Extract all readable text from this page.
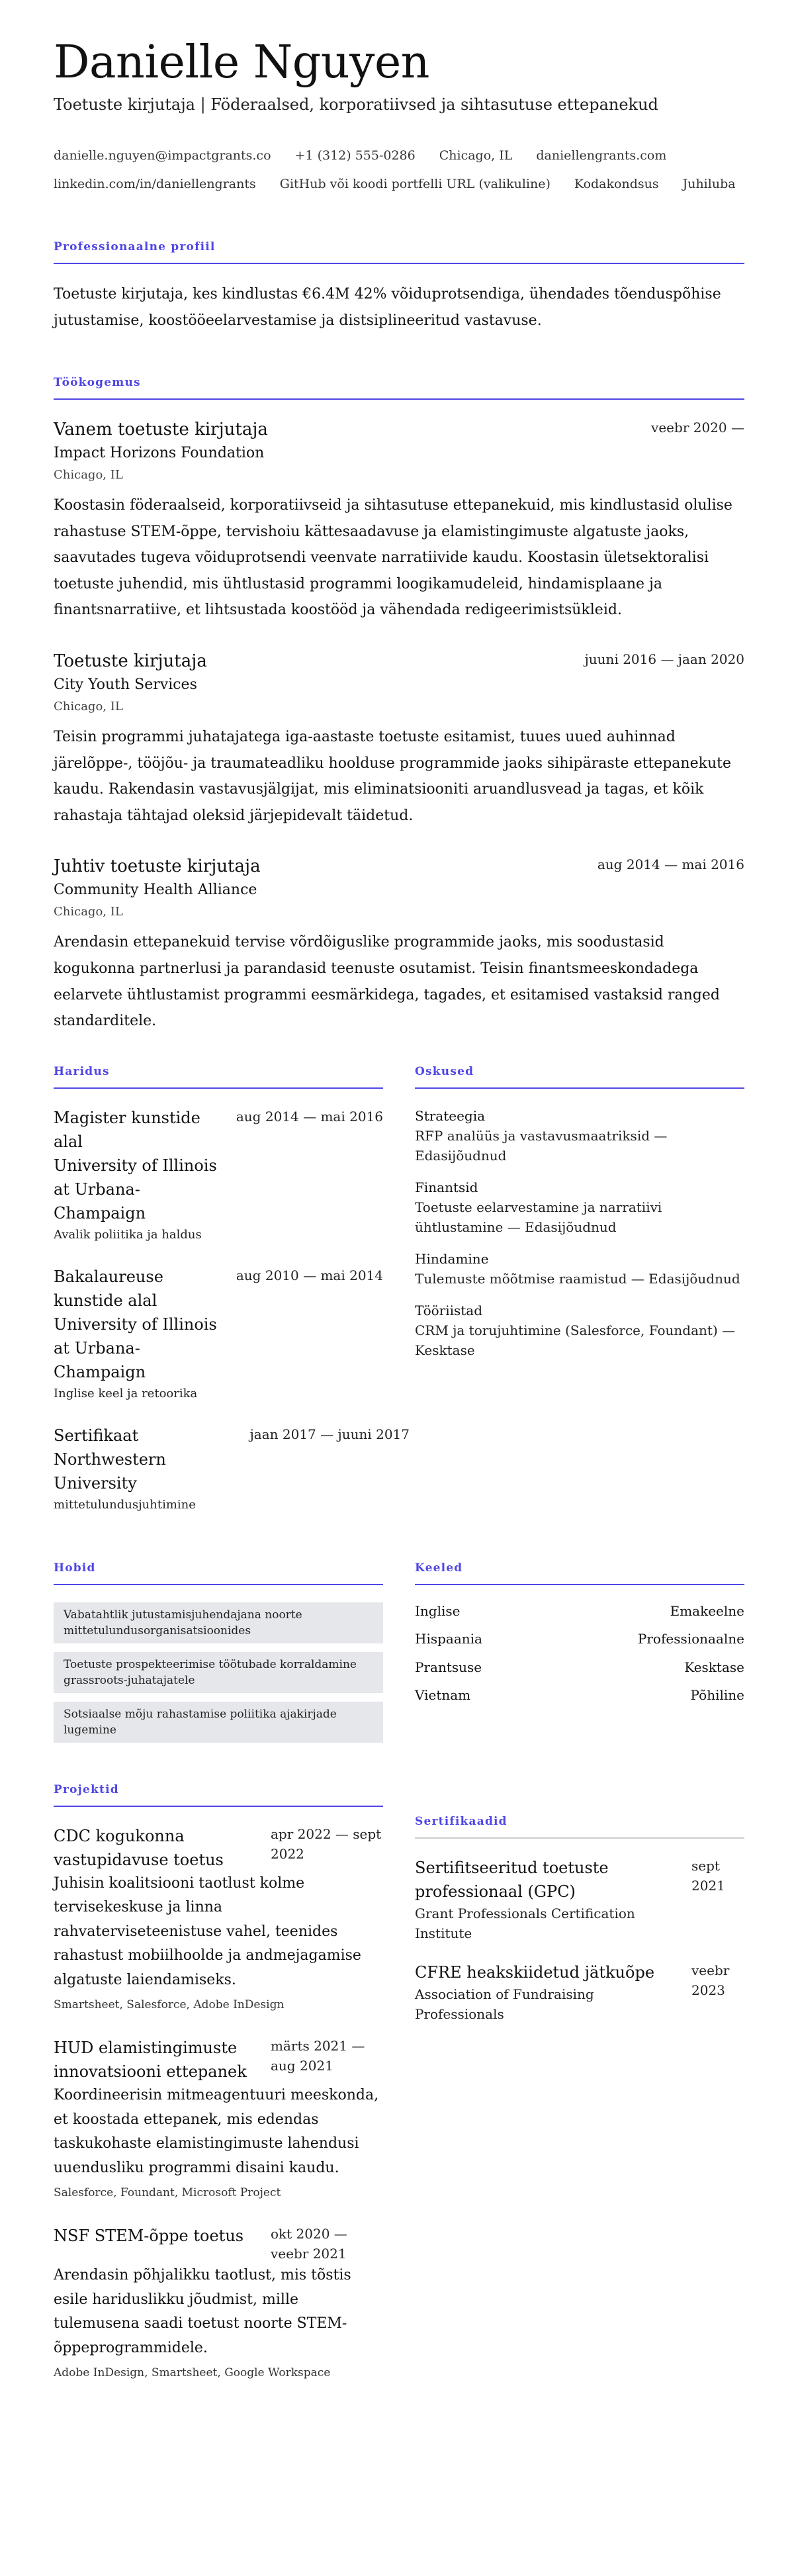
Danielle Nguyen
Toetuste kirjutaja | Föderaalsed, korporatiivsed ja sihtasutuse ettepanekud
danielle.nguyen@impactgrants.co +1 (312) 555-0286 Chicago, IL daniellengrants.com
linkedin.com/in/daniellengrants GitHub või koodi portfelli URL (valikuline) Kodakondsus Juhiluba
Professionaalne profiil

Toetuste kirjutaja, kes kindlustas €6.4M 42% võiduprotsendiga, ühendades tõenduspõhise jutustamise, koostööeelarvestamise ja distsiplineeritud vastavuse.

Töökogemus
Vanem toetuste kirjutaja	veebr 2020 —
Impact Horizons Foundation
Chicago, IL

Koostasin föderaalseid, korporatiivseid ja sihtasutuse ettepanekuid, mis kindlustasid olulise rahastuse STEM-õppe, tervishoiu kättesaadavuse ja elamistingimuste algatuste jaoks, saavutades tugeva võiduprotsendi veenvate narratiivide kaudu. Koostasin ületsektoralisi toetuste juhendid, mis ühtlustasid programmi loogikamudeleid, hindamisplaane ja finantsnarratiive, et lihtsustada koostööd ja vähendada redigeerimistsükleid.

Toetuste kirjutaja	juuni 2016 — jaan 2020
City Youth Services
Chicago, IL

Teisin programmi juhatajatega iga-aastaste toetuste esitamist, tuues uued auhinnad järelõppe-, tööjõu- ja traumateadliku hoolduse programmide jaoks sihipäraste ettepanekute kaudu. Rakendasin vastavusjälgijat, mis eliminatsiooniti aruandlusvead ja tagas, et kõik rahastaja tähtajad oleksid järjepidevalt täidetud.

Juhtiv toetuste kirjutaja	aug 2014 — mai 2016
Community Health Alliance
Chicago, IL

Arendasin ettepanekuid tervise võrdõiguslike programmide jaoks, mis soodustasid kogukonna partnerlusi ja parandasid teenuste osutamist. Teisin finantsmeeskondadega eelarvete ühtlustamist programmi eesmärkidega, tagades, et esitamised vastaksid ranged standarditele.

Haridus
Magister kunstide alal
University of Illinois at Urbana-Champaign
aug 2014 — mai 2016
Avalik poliitika ja haldus
Bakalaureuse kunstide alal
University of Illinois at Urbana-Champaign
aug 2010 — mai 2014
Inglise keel ja retoorika
Sertifikaat
Northwestern University
jaan 2017 — juuni 2017
mittetulundusjuhtimine
Oskused
Strateegia
RFP analüüs ja vastavusmaatriksid — Edasijõudnud
Finantsid
Toetuste eelarvestamine ja narratiivi ühtlustamine — Edasijõudnud
Hindamine
Tulemuste mõõtmise raamistud — Edasijõudnud
Tööriistad
CRM ja torujuhtimine (Salesforce, Foundant) — Kesktase
Hobid
Vabatahtlik jutustamisjuhendajana noorte mittetulundusorganisatsioonides
Toetuste prospekteerimise töötubade korraldamine grassroots-juhatajatele
Sotsiaalse mõju rahastamise poliitika ajakirjade lugemine
Keeled
Inglise	Emakeelne
Hispaania	Professionaalne
Prantsuse	Kesktase
Vietnam	Põhiline
Projektid
CDC kogukonna vastupidavuse toetus
apr 2022 — sept 2022

Juhisin koalitsiooni taotlust kolme tervisekeskuse ja linna rahvaterviseteenistuse vahel, teenides rahastust mobiilhoolde ja andmejagamise algatuste laiendamiseks.

Smartsheet, Salesforce, Adobe InDesign
HUD elamistingimuste innovatsiooni ettepanek
märts 2021 — aug 2021

Koordineerisin mitmeagentuuri meeskonda, et koostada ettepanek, mis edendas taskukohaste elamistingimuste lahendusi uuendusliku programmi disaini kaudu.

Salesforce, Foundant, Microsoft Project
NSF STEM-õppe toetus	okt 2020 — veebr 2021

Arendasin põhjalikku taotlust, mis tõstis esile hariduslikku jõudmist, mille tulemusena saadi toetust noorte STEM-õppeprogrammidele.

Adobe InDesign, Smartsheet, Google Workspace
Sertifikaadid
Sertifitseeritud toetuste professionaal (GPC)
Grant Professionals Certification Institute
sept 2021
CFRE heakskiidetud jätkuõpe
Association of Fundraising Professionals
veebr 2023
